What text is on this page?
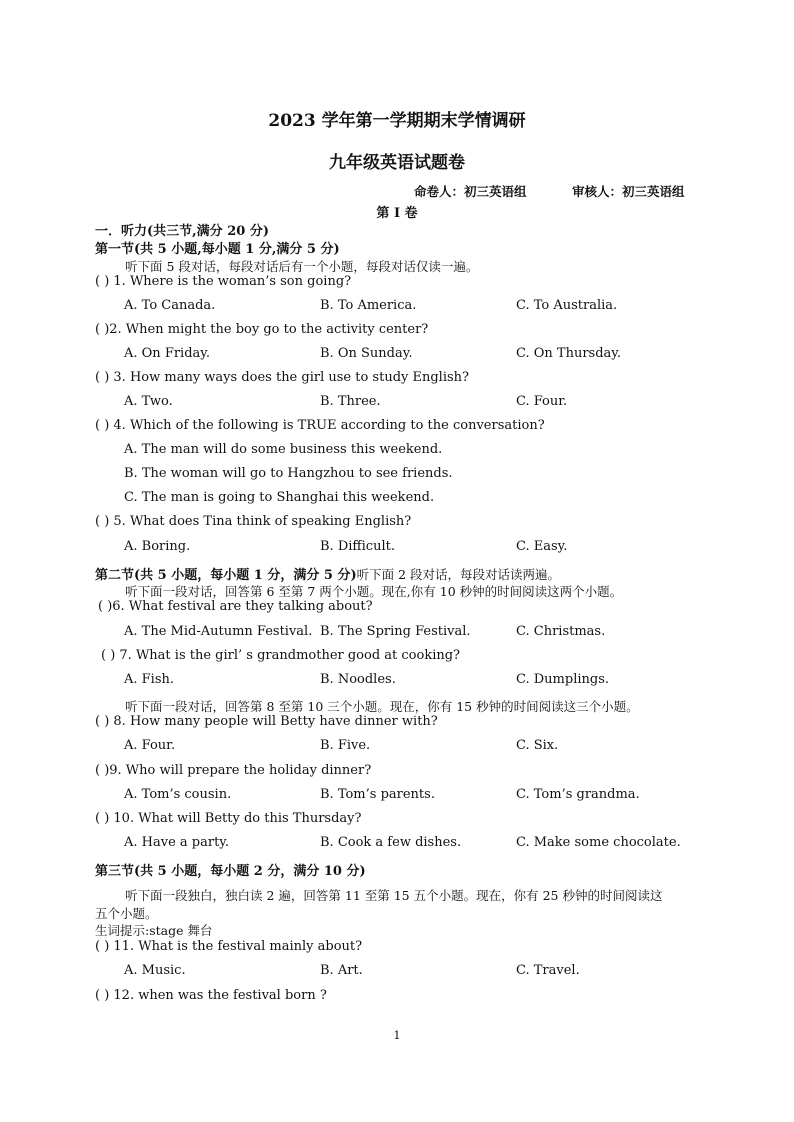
2023 学年第一学期期末学情调研
九年级英语试题卷
命卷人：初三英语组	审核人：初三英语组
第 I 卷
一．听力(共三节,满分 20 分)
第一节(共 5 小题,每小题 1 分,满分 5 分)
听下面 5 段对话，每段对话后有一个小题，每段对话仅读一遍。
( ) 1. Where is the woman’s son going?
A. To Canada.	B. To America.	C. To Australia.
( )2. When might the boy go to the activity center?
A. On Friday.	B. On Sunday.	C. On Thursday.
( ) 3. How many ways does the girl use to study English?
A. Two.	B. Three.	C. Four.
( ) 4. Which of the following is TRUE according to the conversation?
A. The man will do some business this weekend.
B. The woman will go to Hangzhou to see friends.
C. The man is going to Shanghai this weekend.
( ) 5. What does Tina think of speaking English?
A. Boring.	B. Difficult.	C. Easy.
第二节(共 5 小题，每小题 1 分，满分 5 分)听下面 2 段对话，每段对话读两遍。
听下面一段对话，回答第 6 至第 7 两个小题。现在,你有 10 秒钟的时间阅读这两个小题。
( )6. What festival are they talking about?
A. The Mid-Autumn Festival. B. The Spring Festival.	C. Christmas.
( ) 7. What is the girl’ s grandmother good at cooking?
A. Fish.	B. Noodles.	C. Dumplings.
听下面一段对话，回答第 8 至第 10 三个小题。现在，你有 15 秒钟的时间阅读这三个小题。
( ) 8. How many people will Betty have dinner with?
A. Four.	B. Five.	C. Six.
( )9. Who will prepare the holiday dinner?
A. Tom’s cousin.	B. Tom’s parents.	C. Tom’s grandma.
( ) 10. What will Betty do this Thursday?
A. Have a party.	B. Cook a few dishes.	C. Make some chocolate.
第三节(共 5 小题，每小题 2 分，满分 10 分)
听下面一段独白，独白读 2 遍，回答第 11 至第 15 五个小题。现在，你有 25 秒钟的时间阅读这
五个小题。
生词提示:stage 舞台
( ) 11. What is the festival mainly about?
A. Music.	B. Art.	C. Travel.
( ) 12. when was the festival born ?
1
